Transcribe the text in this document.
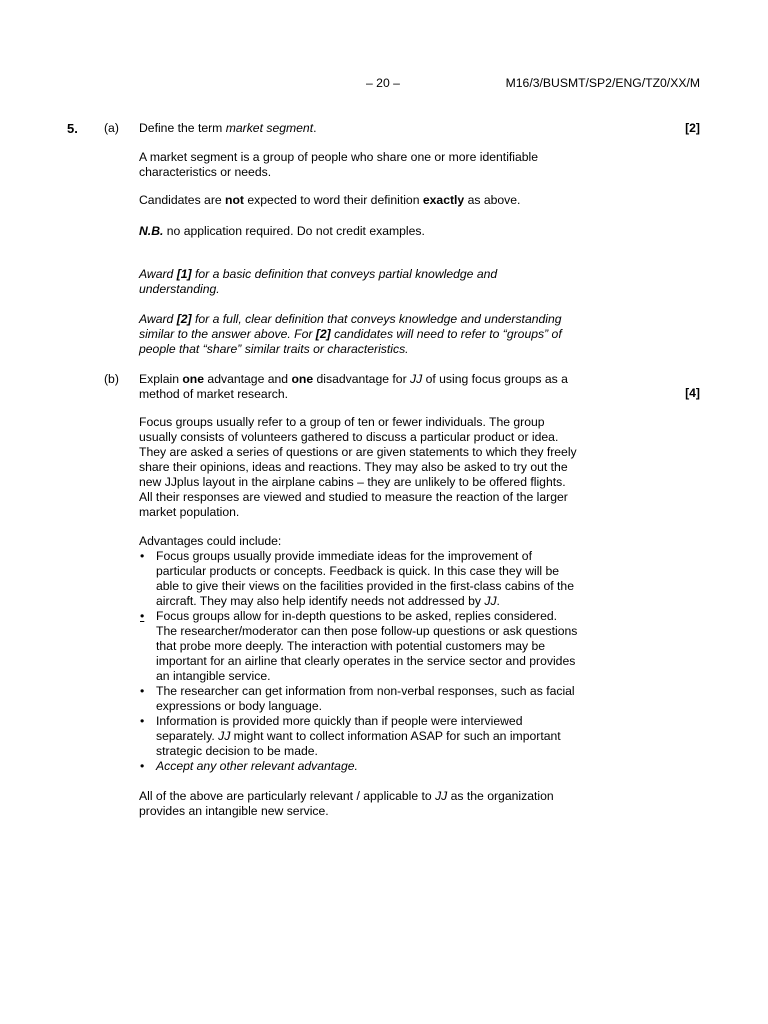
– 20 –	M16/3/BUSMT/SP2/ENG/TZ0/XX/M
5. (a) Define the term market segment.	[2]

A market segment is a group of people who share one or more identifiable
characteristics or needs.

Candidates are not expected to word their definition exactly as above.

N.B. no application required. Do not credit examples.

Award [1] for a basic definition that conveys partial knowledge and
understanding.

Award [2] for a full, clear definition that conveys knowledge and understanding
similar to the answer above. For [2] candidates will need to refer to “groups” of
people that “share” similar traits or characteristics.

(b) Explain one advantage and one disadvantage for JJ of using focus groups as a
method of market research.	[4]

Focus groups usually refer to a group of ten or fewer individuals. The group
usually consists of volunteers gathered to discuss a particular product or idea.
They are asked a series of questions or are given statements to which they freely
share their opinions, ideas and reactions. They may also be asked to try out the
new JJplus layout in the airplane cabins – they are unlikely to be offered flights.
All their responses are viewed and studied to measure the reaction of the larger
market population.

Advantages could include:

• Focus groups usually provide immediate ideas for the improvement of
particular products or concepts. Feedback is quick. In this case they will be
able to give their views on the facilities provided in the first-class cabins of the
aircraft. They may also help identify needs not addressed by JJ.
• Focus groups allow for in-depth questions to be asked, replies considered.
The researcher/moderator can then pose follow-up questions or ask questions
that probe more deeply. The interaction with potential customers may be
important for an airline that clearly operates in the service sector and provides
an intangible service.
• The researcher can get information from non-verbal responses, such as facial
expressions or body language.
• Information is provided more quickly than if people were interviewed
separately. JJ might want to collect information ASAP for such an important
strategic decision to be made.
• Accept any other relevant advantage.

All of the above are particularly relevant / applicable to JJ as the organization
provides an intangible new service.
